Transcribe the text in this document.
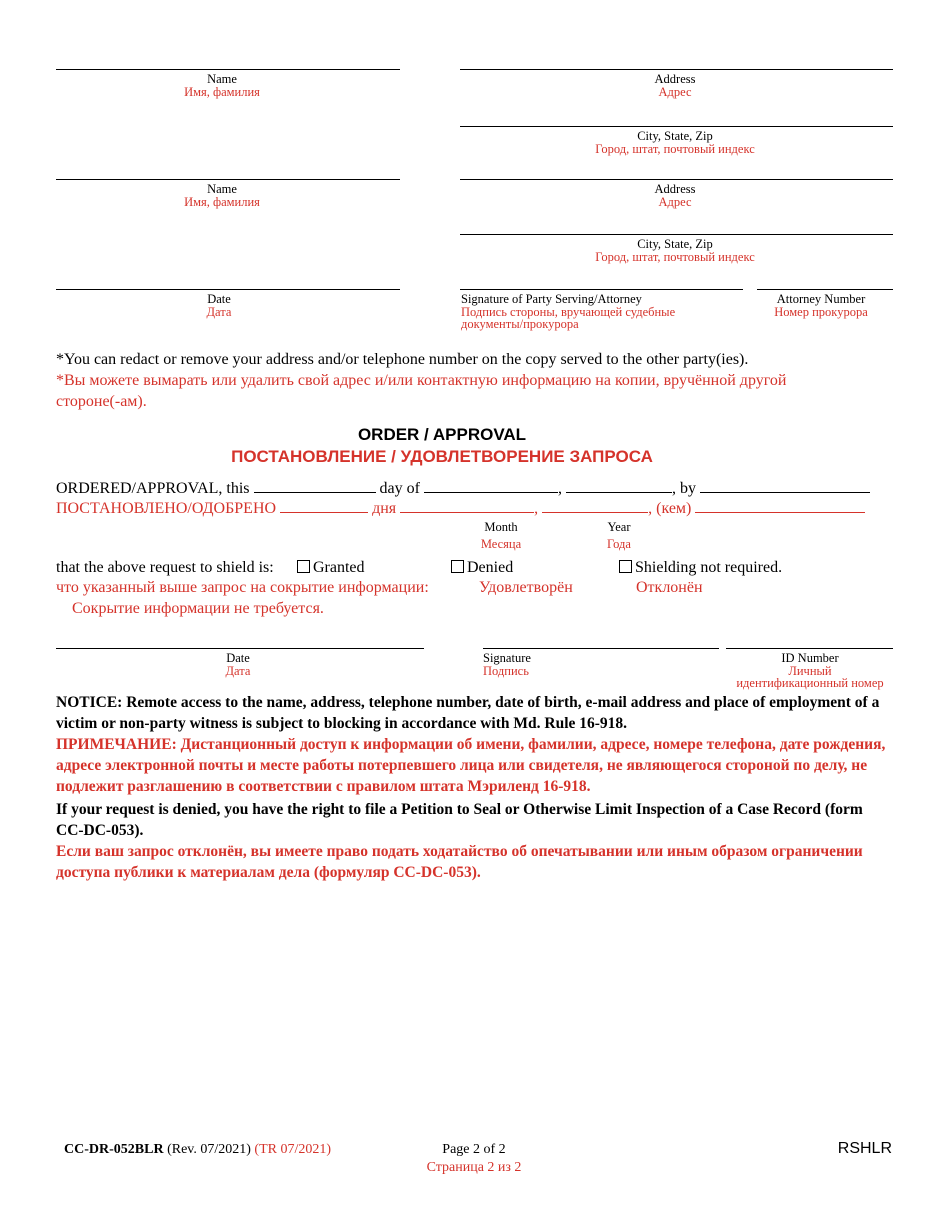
Name
Имя, фамилия
Address
Адрес
City, State, Zip
Город, штат, почтовый индекс
Name
Имя, фамилия
Address
Адрес
City, State, Zip
Город, штат, почтовый индекс
Date
Дата
Signature of Party Serving/Attorney
Подпись стороны, вручающей судебные
документы/прокурора
Attorney Number
Номер прокурора
*You can redact or remove your address and/or telephone number on the copy served to the other party(ies).
*Вы можете вымарать или удалить свой адрес и/или контактную информацию на копии, вручённой другой
стороне(-ам).
ORDER / APPROVAL
ПОСТАНОВЛЕНИЕ / УДОВЛЕТВОРЕНИЕ ЗАПРОСА
ORDERED/APPROVAL, this	day of	,	, by
ПОСТАНОВЛЕНО/ОДОБРЕНО	дня	,	, (кем)
Month
Месяца
Year
Года
that the above request to shield is:	Granted	Denied	Shielding not required.
что указанный выше запрос на сокрытие информации:	Удовлетворён	Отклонён
Сокрытие информации не требуется.
Date
Дата
Signature
Подпись
ID Number
Личный
идентификационный номер
NOTICE: Remote access to the name, address, telephone number, date of birth, e-mail address and place of employment of a victim or non-party witness is subject to blocking in accordance with Md. Rule 16-918.
ПРИМЕЧАНИЕ: Дистанционный доступ к информации об имени, фамилии, адресе, номере телефона, дате рождения, адресе электронной почты и месте работы потерпевшего лица или свидетеля, не являющегося стороной по делу, не подлежит разглашению в соответствии с правилом штата Мэриленд 16-918.
If your request is denied, you have the right to file a Petition to Seal or Otherwise Limit Inspection of a Case Record (form CC-DC-053).
Если ваш запрос отклонён, вы имеете право подать ходатайство об опечатывании или иным образом ограничении доступа публики к материалам дела (формуляр CC-DC-053).
CC-DR-052BLR (Rev. 07/2021) (TR 07/2021)	Page 2 of 2
Страница 2 из 2
RSHLR
